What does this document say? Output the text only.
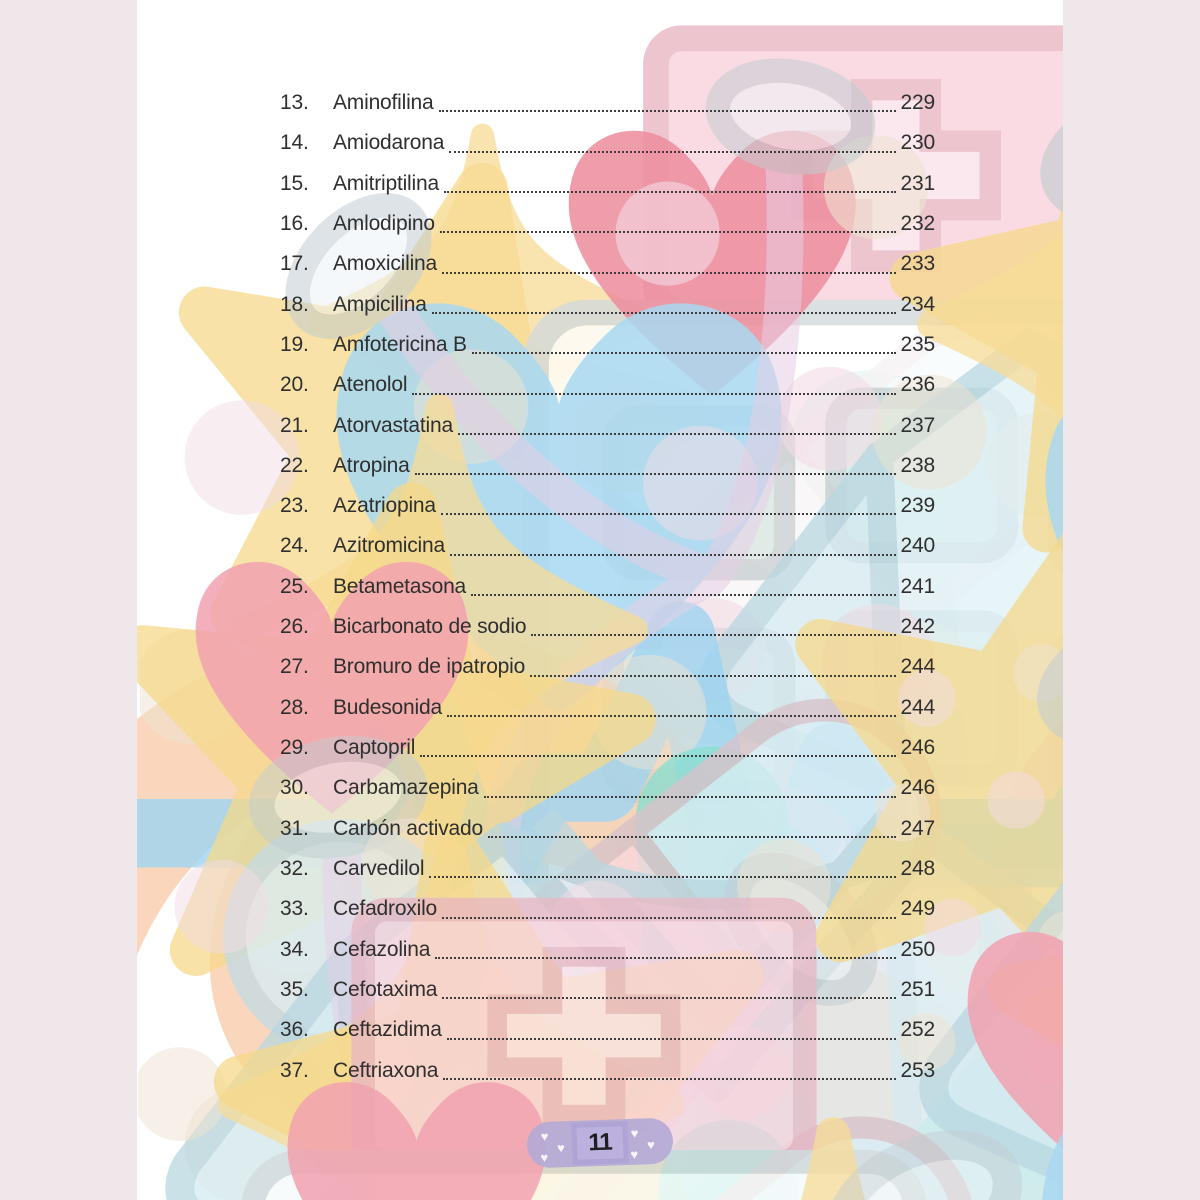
13.	Aminofilina	229
14.	Amiodarona	230
15.	Amitriptilina	231
16.	Amlodipino	232
17.	Amoxicilina	233
18.	Ampicilina	234
19.	Amfotericina B	235
20.	Atenolol	236
21.	Atorvastatina	237
22.	Atropina	238
23.	Azatriopina	239
24.	Azitromicina	240
25.	Betametasona	241
26.	Bicarbonato de sodio	242
27.	Bromuro de ipatropio	244
28.	Budesonida	244
29.	Captopril	246
30.	Carbamazepina	246
31.	Carbón activado	247
32.	Carvedilol	248
33.	Cefadroxilo	249
34.	Cefazolina	250
35.	Cefotaxima	251
36.	Ceftazidima	252
37.	Ceftriaxona	253
♥
♥
♥
♥
♥
♥
11
